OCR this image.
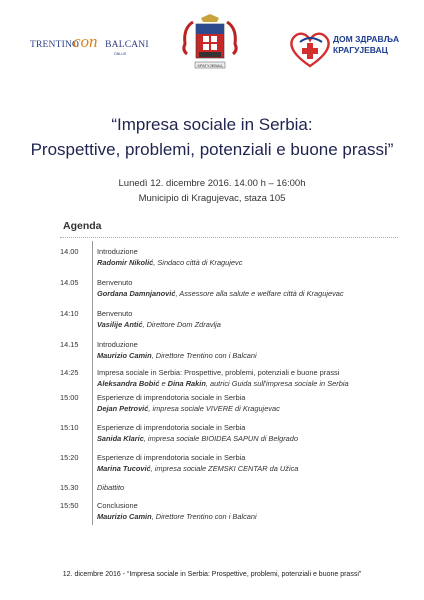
TRENTINO	BALCANI
con
ONLUS
КРАГУЈЕВАЦ
ДОМ ЗДРАВЉА
КРАГУЈЕВАЦ
“Impresa sociale in Serbia:
Prospettive, problemi, potenziali e buone prassi”
Lunedì 12. dicembre 2016. 14.00 h – 16:00h
Municipio di Kragujevac, staza 105
Agenda
14.00	Introduzione
Radomir Nikolić, Sindaco città di Kragujevc
14.05	Benvenuto
Gordana Damnjanović, Assessore alla salute e welfare città di Kragujevac
14:10	Benvenuto
Vasilije Antić, Direttore Dom Zdravlja
14.15	Introduzione
Maurizio Camin, Direttore Trentino con i Balcani
14:25	Impresa sociale in Serbia: Prospettive, problemi, potenziali e buone prassi
Aleksandra Bobić e Dina Rakin, autrici Guida sull'impresa sociale in Serbia
15:00	Esperienze di imprendotoria sociale in Serbia
Dejan Petrović, impresa sociale VIVERE di Kragujevac
15:10	Esperienze di imprendotoria sociale in Serbia
Sanida Klaric, impresa sociale BIOIDEA SAPUN di Belgrado
15:20	Esperienze di imprendotoria sociale in Serbia
Marina Tucović, impresa sociale ZEMSKI CENTAR da Užica
15.30	Dibattito
15:50	Conclusione
Maurizio Camin, Direttore Trentino con i Balcani
12. dicembre 2016 - “Impresa sociale in Serbia: Prospettive, problemi, potenziali e buone prassi”
